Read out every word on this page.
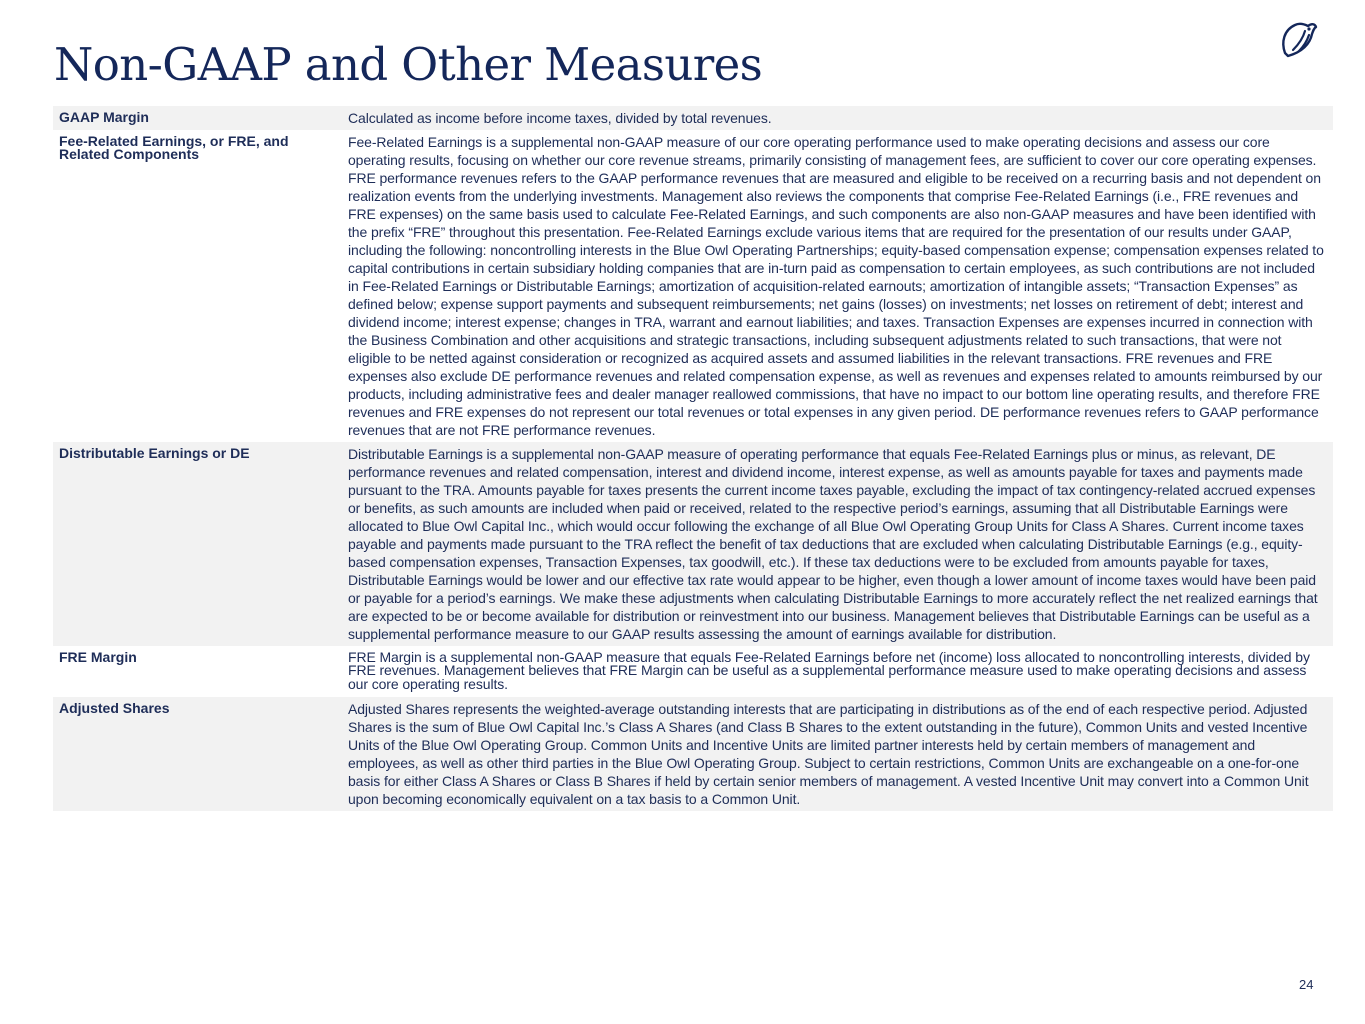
Non-GAAP and Other Measures
GAAP Margin	Calculated as income before income taxes, divided by total revenues.
Fee-Related Earnings, or FRE, and Related Components	Fee-Related Earnings is a supplemental non-GAAP measure of our core operating performance used to make operating decisions and assess our core operating results, focusing on whether our core revenue streams, primarily consisting of management fees, are sufficient to cover our core operating expenses. FRE performance revenues refers to the GAAP performance revenues that are measured and eligible to be received on a recurring basis and not dependent on realization events from the underlying investments. Management also reviews the components that comprise Fee-Related Earnings (i.e., FRE revenues and FRE expenses) on the same basis used to calculate Fee-Related Earnings, and such components are also non-GAAP measures and have been identified with the prefix “FRE” throughout this presentation. Fee-Related Earnings exclude various items that are required for the presentation of our results under GAAP, including the following: noncontrolling interests in the Blue Owl Operating Partnerships; equity-based compensation expense; compensation expenses related to capital contributions in certain subsidiary holding companies that are in-turn paid as compensation to certain employees, as such contributions are not included in Fee-Related Earnings or Distributable Earnings; amortization of acquisition-related earnouts; amortization of intangible assets; “Transaction Expenses” as defined below; expense support payments and subsequent reimbursements; net gains (losses) on investments; net losses on retirement of debt; interest and dividend income; interest expense; changes in TRA, warrant and earnout liabilities; and taxes. Transaction Expenses are expenses incurred in connection with the Business Combination and other acquisitions and strategic transactions, including subsequent adjustments related to such transactions, that were not eligible to be netted against consideration or recognized as acquired assets and assumed liabilities in the relevant transactions. FRE revenues and FRE expenses also exclude DE performance revenues and related compensation expense, as well as revenues and expenses related to amounts reimbursed by our products, including administrative fees and dealer manager reallowed commissions, that have no impact to our bottom line operating results, and therefore FRE revenues and FRE expenses do not represent our total revenues or total expenses in any given period. DE performance revenues refers to GAAP performance revenues that are not FRE performance revenues.
Distributable Earnings or DE	Distributable Earnings is a supplemental non-GAAP measure of operating performance that equals Fee-Related Earnings plus or minus, as relevant, DE performance revenues and related compensation, interest and dividend income, interest expense, as well as amounts payable for taxes and payments made pursuant to the TRA. Amounts payable for taxes presents the current income taxes payable, excluding the impact of tax contingency-related accrued expenses or benefits, as such amounts are included when paid or received, related to the respective period’s earnings, assuming that all Distributable Earnings were allocated to Blue Owl Capital Inc., which would occur following the exchange of all Blue Owl Operating Group Units for Class A Shares. Current income taxes payable and payments made pursuant to the TRA reflect the benefit of tax deductions that are excluded when calculating Distributable Earnings (e.g., equity-based compensation expenses, Transaction Expenses, tax goodwill, etc.). If these tax deductions were to be excluded from amounts payable for taxes, Distributable Earnings would be lower and our effective tax rate would appear to be higher, even though a lower amount of income taxes would have been paid or payable for a period’s earnings. We make these adjustments when calculating Distributable Earnings to more accurately reflect the net realized earnings that are expected to be or become available for distribution or reinvestment into our business. Management believes that Distributable Earnings can be useful as a supplemental performance measure to our GAAP results assessing the amount of earnings available for distribution.
FRE Margin	FRE Margin is a supplemental non-GAAP measure that equals Fee-Related Earnings before net (income) loss allocated to noncontrolling interests, divided by FRE revenues. Management believes that FRE Margin can be useful as a supplemental performance measure used to make operating decisions and assess our core operating results.
Adjusted Shares	Adjusted Shares represents the weighted-average outstanding interests that are participating in distributions as of the end of each respective period. Adjusted Shares is the sum of Blue Owl Capital Inc.’s Class A Shares (and Class B Shares to the extent outstanding in the future), Common Units and vested Incentive Units of the Blue Owl Operating Group. Common Units and Incentive Units are limited partner interests held by certain members of management and employees, as well as other third parties in the Blue Owl Operating Group. Subject to certain restrictions, Common Units are exchangeable on a one-for-one basis for either Class A Shares or Class B Shares if held by certain senior members of management. A vested Incentive Unit may convert into a Common Unit upon becoming economically equivalent on a tax basis to a Common Unit.
24
